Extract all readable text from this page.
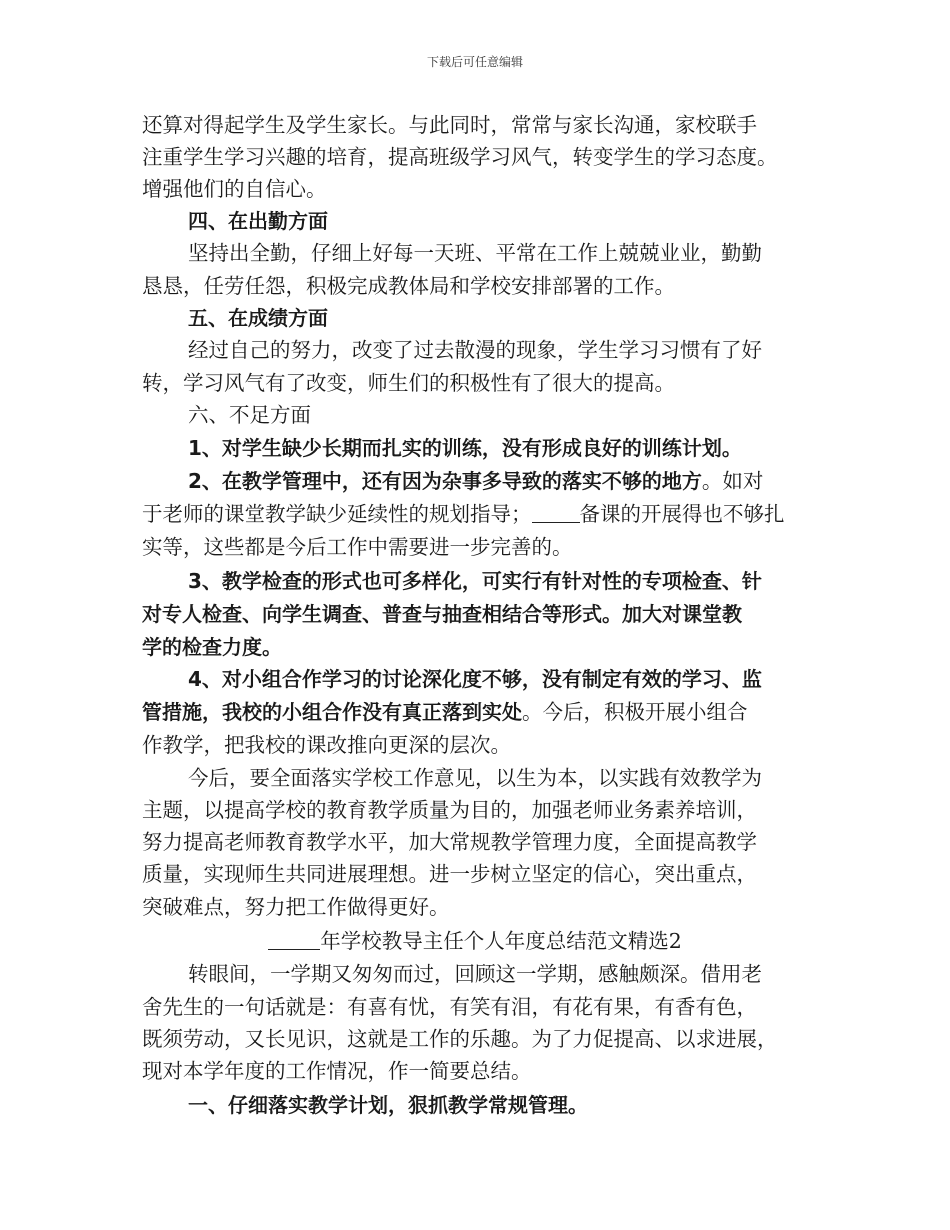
下载后可任意编辑
还算对得起学生及学生家长。与此同时，常常与家长沟通，家校联手
注重学生学习兴趣的培育，提高班级学习风气，转变学生的学习态度。
增强他们的自信心。
四、在出勤方面
坚持出全勤，仔细上好每一天班、平常在工作上兢兢业业，勤勤
恳恳，任劳任怨，积极完成教体局和学校安排部署的工作。
五、在成绩方面
经过自己的努力，改变了过去散漫的现象，学生学习习惯有了好
转，学习风气有了改变，师生们的积极性有了很大的提高。
六、不足方面
1、对学生缺少长期而扎实的训练，没有形成良好的训练计划。
2、在教学管理中，还有因为杂事多导致的落实不够的地方。如对
于老师的课堂教学缺少延续性的规划指导； 备课的开展得也不够扎
实等，这些都是今后工作中需要进一步完善的。
3、教学检查的形式也可多样化，可实行有针对性的专项检查、针
对专人检查、向学生调查、普查与抽查相结合等形式。加大对课堂教
学的检查力度。
4、对小组合作学习的讨论深化度不够，没有制定有效的学习、监
管措施，我校的小组合作没有真正落到实处。今后，积极开展小组合
作教学，把我校的课改推向更深的层次。
今后，要全面落实学校工作意见，以生为本，以实践有效教学为
主题，以提高学校的教育教学质量为目的，加强老师业务素养培训，
努力提高老师教育教学水平，加大常规教学管理力度，全面提高教学
质量，实现师生共同进展理想。进一步树立坚定的信心，突出重点，
突破难点，努力把工作做得更好。
年学校教导主任个人年度总结范文精选2
转眼间，一学期又匆匆而过，回顾这一学期，感触颇深。借用老
舍先生的一句话就是：有喜有忧，有笑有泪，有花有果，有香有色，
既须劳动，又长见识，这就是工作的乐趣。为了力促提高、以求进展，
现对本学年度的工作情况，作一简要总结。
一、仔细落实教学计划，狠抓教学常规管理。
